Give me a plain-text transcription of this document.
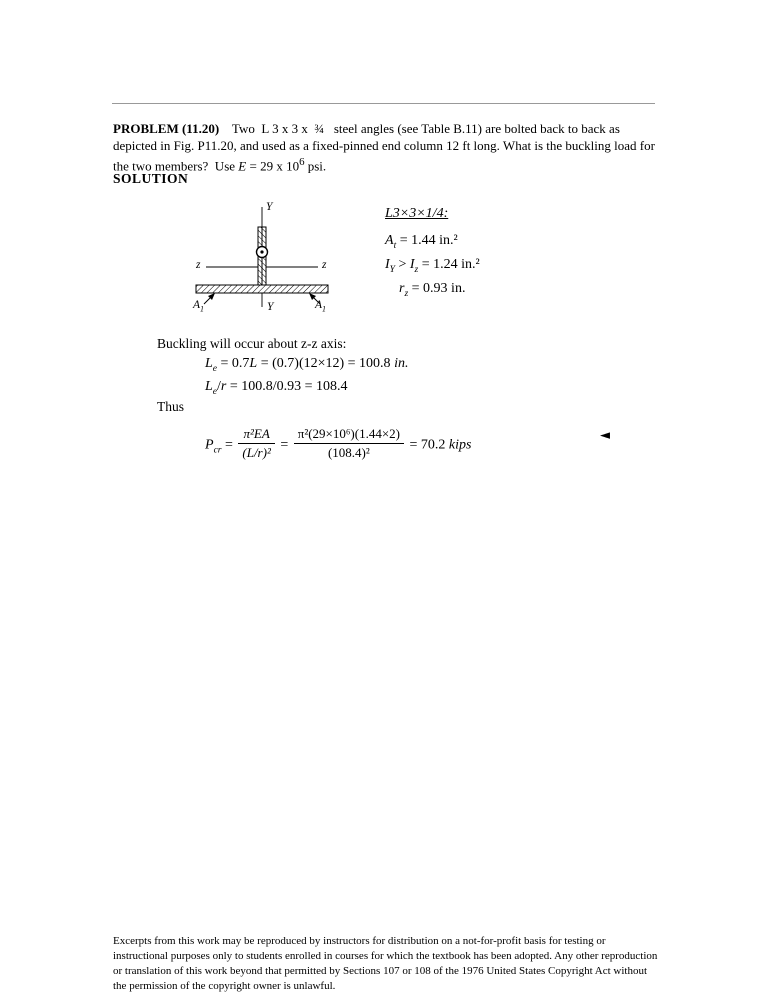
PROBLEM (11.20)    Two  L 3 x 3 x  ¾   steel angles (see Table B.11) are bolted back to back as  depicted in Fig. P11.20, and used as a fixed-pinned end column 12 ft long. What is the buckling load for  the two members?  Use E = 29 x $10^6$ psi.

SOLUTION
Y
z	z
$A_1$	$A_1$
Y
L3×3×1/4:
$A_t = 1.44$ in.²
$I_Y > I_z = 1.24$ in.²
$r_z = 0.93$ in.
Buckling will occur about z-z axis:
$L_e = 0.7L = (0.7)(12\times 12) = 100.8$ in.
$L_e/r = 100.8/0.93 = 108.4$
Thus
$P_{cr} = \frac{\text{π²EA}}{\text{(L/r)²}} = \frac{\text{π²(29×10⁶)(1.44×2)}}{\text{(108.4)²}} = 70.2$ kips
◄

Excerpts from this work may be reproduced by instructors for distribution on a not-for-profit basis for testing or instructional purposes only to students enrolled in courses for which the textbook has been adopted. Any other reproduction or translation of this work beyond that permitted by Sections 107 or 108 of the 1976 United States Copyright Act without the permission of the copyright owner is unlawful.
